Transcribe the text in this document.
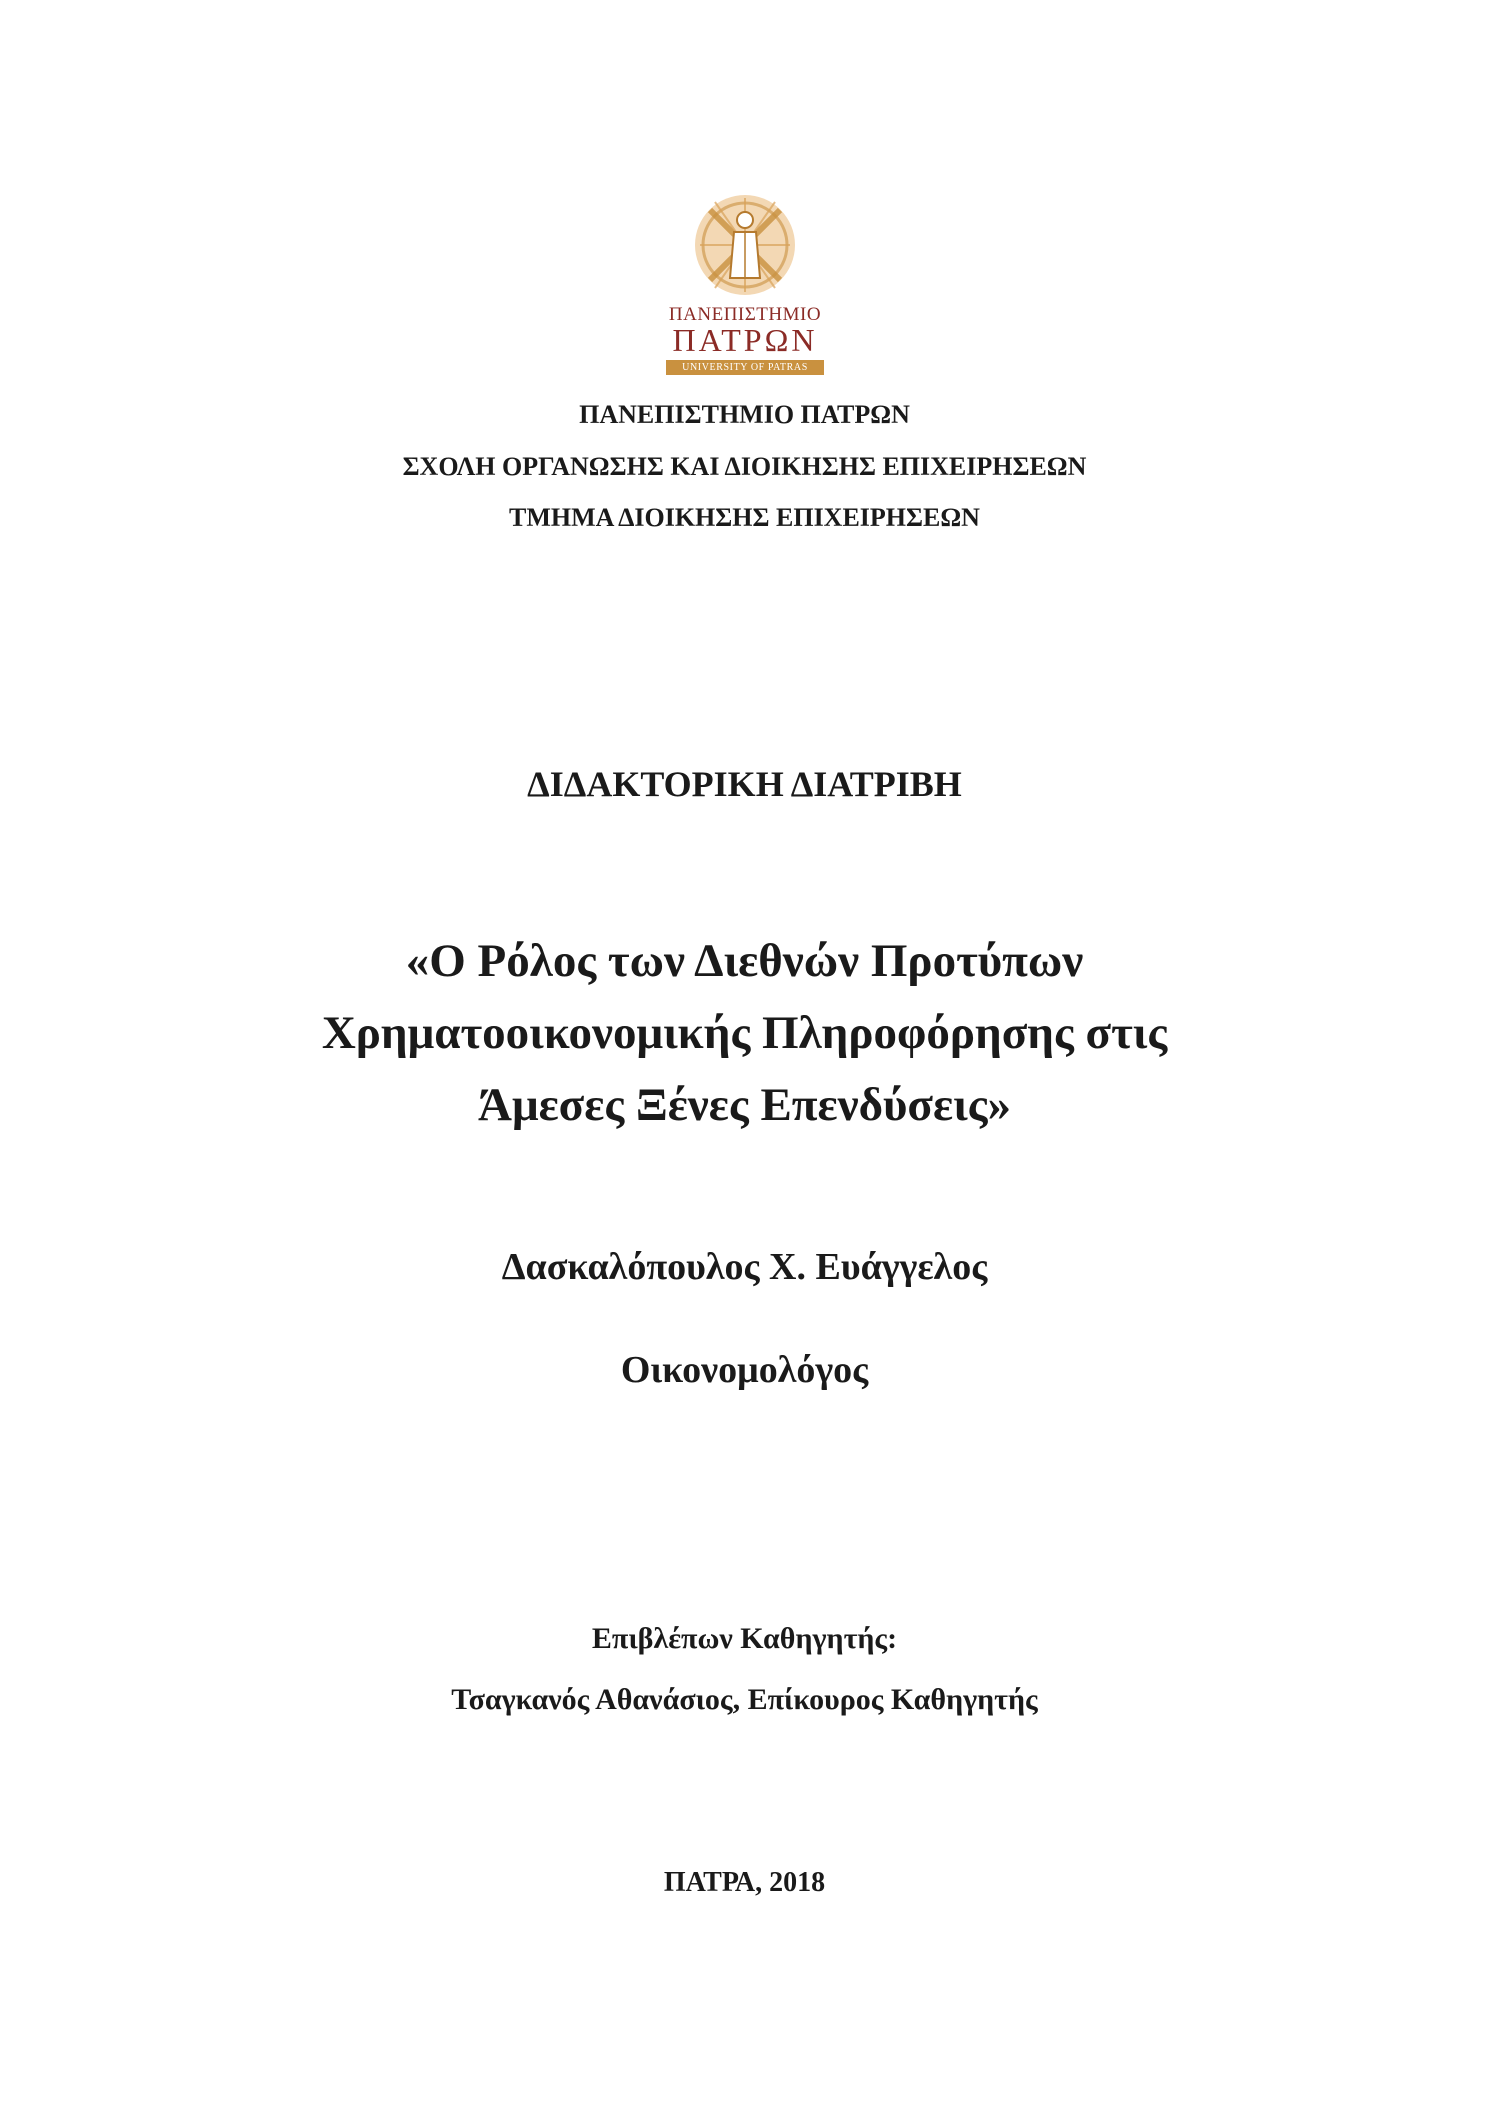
ΠΑΝΕΠΙΣΤΗΜΙΟ

ΠΑΤΡΩΝ

UNIVERSITY OF PATRAS

ΠΑΝΕΠΙΣΤΗΜΙΟ ΠΑΤΡΩΝ

ΣΧΟΛΗ ΟΡΓΑΝΩΣΗΣ ΚΑΙ ΔΙΟΙΚΗΣΗΣ ΕΠΙΧΕΙΡΗΣΕΩΝ

ΤΜΗΜΑ ΔΙΟΙΚΗΣΗΣ ΕΠΙΧΕΙΡΗΣΕΩΝ

ΔΙΔΑΚΤΟΡΙΚΗ ΔΙΑΤΡΙΒΗ

«Ο Ρόλος των Διεθνών Προτύπων
Χρηματοοικονομικής Πληροφόρησης στις
Άμεσες Ξένες Επενδύσεις»

Δασκαλόπουλος Χ. Ευάγγελος

Οικονομολόγος

Επιβλέπων Καθηγητής:

Τσαγκανός Αθανάσιος, Επίκουρος Καθηγητής

ΠΑΤΡΑ, 2018
